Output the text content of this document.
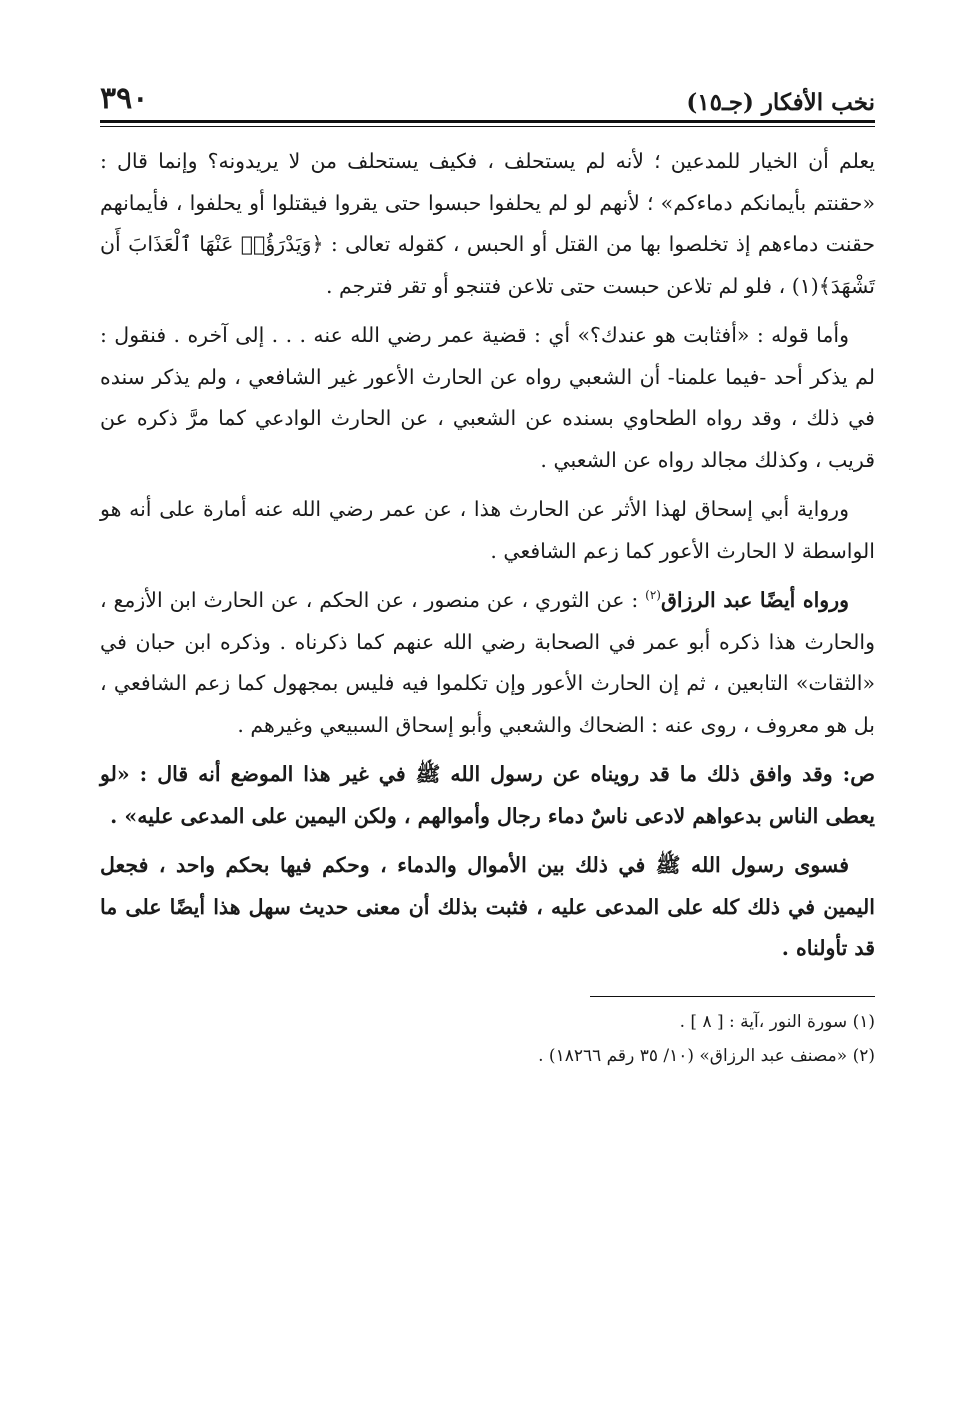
نخب الأفكار (جـ١٥)
٣٩٠

يعلم أن الخيار للمدعين ؛ لأنه لم يستحلف ، فكيف يستحلف من لا يريدونه؟ وإنما قال : «حقنتم بأيمانكم دماءكم» ؛ لأنهم لو لم يحلفوا حبسوا حتى يقروا فيقتلوا أو يحلفوا ، فأيمانهم حقنت دماءهم إذ تخلصوا بها من القتل أو الحبس ، كقوله تعالى : ﴿وَيَدْرَؤُا۟ عَنْهَا ٱلْعَذَابَ أَن تَشْهَدَ﴾(١) ، فلو لم تلاعن حبست حتى تلاعن فتنجو أو تقر فترجم .

وأما قوله : «أفثابت هو عندك؟» أي : قضية عمر رضي الله عنه . . . إلى آخره . فنقول : لم يذكر أحد -فيما علمنا- أن الشعبي رواه عن الحارث الأعور غير الشافعي ، ولم يذكر سنده في ذلك ، وقد رواه الطحاوي بسنده عن الشعبي ، عن الحارث الوادعي كما مرَّ ذكره عن قريب ، وكذلك مجالد رواه عن الشعبي .

ورواية أبي إسحاق لهذا الأثر عن الحارث هذا ، عن عمر رضي الله عنه أمارة على أنه هو الواسطة لا الحارث الأعور كما زعم الشافعي .

ورواه أيضًا عبد الرزاق$^{(٢)}$ : عن الثوري ، عن منصور ، عن الحكم ، عن الحارث ابن الأزمع ، والحارث هذا ذكره أبو عمر في الصحابة رضي الله عنهم كما ذكرناه . وذكره ابن حبان في «الثقات» التابعين ، ثم إن الحارث الأعور وإن تكلموا فيه فليس بمجهول كما زعم الشافعي ، بل هو معروف ، روى عنه : الضحاك والشعبي وأبو إسحاق السبيعي وغيرهم .

ص: وقد وافق ذلك ما قد رويناه عن رسول الله ﷺ في غير هذا الموضع أنه قال : «لو يعطى الناس بدعواهم لادعى ناسٌ دماء رجال وأموالهم ، ولكن اليمين على المدعى عليه» .

فسوى رسول الله ﷺ في ذلك بين الأموال والدماء ، وحكم فيها بحكم واحد ، فجعل اليمين في ذلك كله على المدعى عليه ، فثبت بذلك أن معنى حديث سهل هذا أيضًا على ما قد تأولناه .

(١) سورة النور ،آية : [ ٨ ] .

(٢) «مصنف عبد الرزاق» (١٠/ ٣٥ رقم ١٨٢٦٦) .
